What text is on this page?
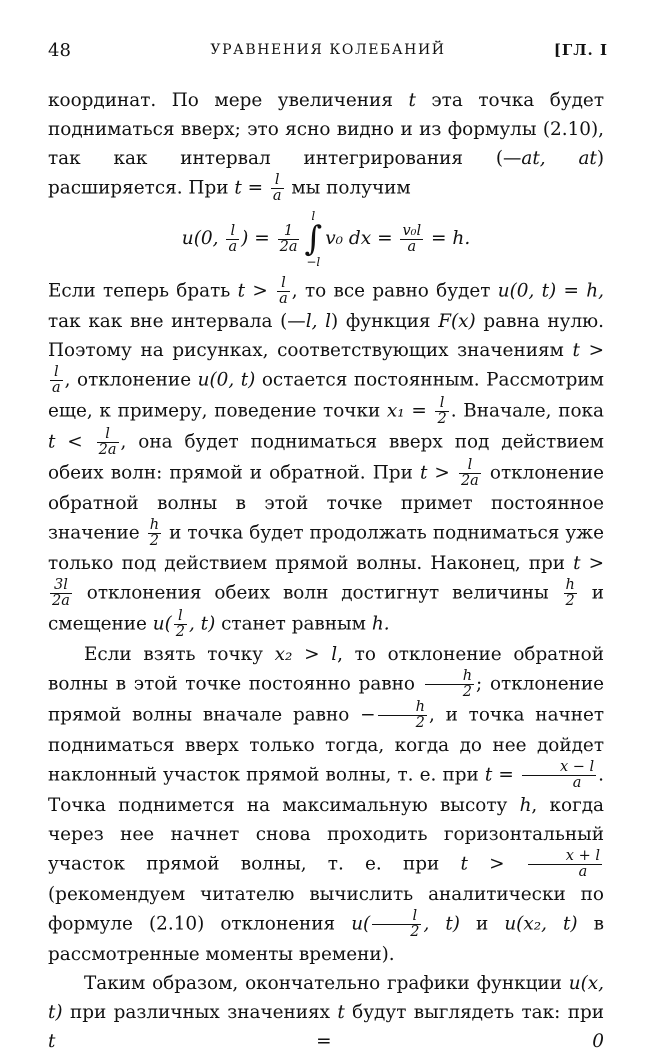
48	УРАВНЕНИЯ КОЛЕБАНИЙ	[ГЛ. I

координат. По мере увеличения t эта точка будет подниматься вверх; это ясно видно и из формулы (2.10), так как интервал интегрирования (—at, at) расширяется. При $t = \frac{l}{a}$ мы получим

u(0, $\frac{l}{a}$ ) = $\frac{1}{2a}$
l
∫
−lv₀ dx = $\frac{\text{v₀l}}{a} = h$.

Если теперь брать $t > \frac{l}{a}$ , то все равно будет u(0, t) = h, так как вне интервала (—l, l) функция F(x) равна нулю. Поэтому на рисунках, соответствующих значениям t >
$\frac{l}{a}$ , отклонение u(0, t) остается постоянным. Рассмотрим еще, к примеру, поведение точки $x_1 = \frac{l}{2}$ . Вначале, пока $t < \frac{l}{2a}$ , она будет подниматься вверх под действием обеих волн: прямой и обратной. При $t > \frac{l}{2a}$ отклонение обратной волны в этой точке примет постоянное значение $\frac{h}{2}$ и точка будет продолжать подниматься уже только под действием прямой волны. Наконец, при t >
$\frac{3l}{2a}$ отклонения обеих волн достигнут величины $\frac{h}{2}$ и смещение $u( \frac{l}{2}$ , t) станет равным h.

Если взять точку x₂ > l, то отклонение обратной волны в этой точке постоянно равно $\frac{h}{2}$ ; отклонение прямой волны вначале равно − $\frac{h}{2}$ , и точка начнет подниматься вверх только тогда, когда до нее дойдет наклонный участок прямой волны, т. е. при $t = \frac{x - l}{a}$ . Точка поднимется на максимальную высоту h, когда через нее начнет снова проходить горизонтальный участок прямой волны, т. е. при $t > \frac{x + l}{a}$
(рекомендуем читателю вычислить аналитически по формуле (2.10) отклонения $u( \frac{l}{2}$ , t) и u(x₂, t) в рассмотренные моменты времени).

Таким образом, окончательно графики функции u(x, t) при различных значениях t будут выглядеть так: при t = 0
